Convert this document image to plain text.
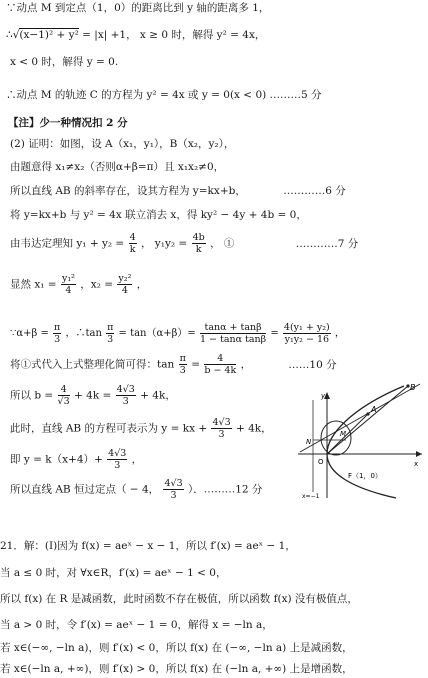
∵动点 M 到定点（1，0）的距离比到 y 轴的距离多 1，
∴√(x−1)² + y² = |x| +1， x ≥ 0 时，解得 y² = 4x，
x < 0 时，解得 y = 0.
∴动点 M 的轨迹 C 的方程为 y² = 4x 或 y = 0(x < 0) ………5 分
【注】少一种情况扣 2 分
(2) 证明：如图，设 A（x₁，y₁），B（x₂，y₂），
由题意得 x₁≠x₂（否则α+β=π）且 x₁x₂≠0，
所以直线 AB 的斜率存在，设其方程为 y=kx+b，	…………6 分
将 y=kx+b 与 y² = 4x 联立消去 x，得 ky² − 4y + 4b = 0，
由韦达定理知 $y_1 + y_2 = \frac{4}{k}$ ， $y_1y_2 = \frac{4b}{k}$ ， ①	…………7 分
显然 $x_1 = \frac{\text{y₁²}}{4}$ ，$x_2 = \frac{\text{y₂²}}{4}$ ，
∵α+β = $\frac{\pi}{3}$ ，∴tan $\frac{\pi}{3} = \tan(\alpha+\beta)= \frac{\tan\alpha + \tan\beta}{\text{1 − tanα tanβ}} = \frac{\text{4(y₁ + y₂)}}{\text{y₁y₂ − 16}}$ ，
将①式代入上式整理化简可得：$\tan \frac{\pi}{3} = \frac{4}{b - 4k}$ ，	……10 分
所以 $b = \frac{4}{√3} + 4k = \frac{4√3}{3} + 4k$，
此时，直线 AB 的方程可表示为 y = kx + $\frac{4√3}{3} + 4k$，
即 $y = k(x+4)+ \frac{4√3}{3}$ ，
所以直线 AB 恒过定点（ − 4， $\frac{4√3}{3}$ ）．………12 分
x
y
O
A
B
N
M
F（1，0）
x=−1
21．解：(Ⅰ)因为 f(x) = aeˣ − x − 1，所以 f′(x) = aeˣ − 1，
当 a ≤ 0 时，对 ∀x∈R，f′(x) = aeˣ − 1 < 0，
所以 f(x) 在 R 是减函数，此时函数不存在极值，所以函数 f(x) 没有极值点，
当 a > 0 时，令 f′(x) = aeˣ − 1 = 0，解得 x = −ln a，
若 x∈(−∞, −ln a)，则 f′(x) < 0，所以 f(x) 在 (−∞, −ln a) 上是减函数，
若 x∈(−ln a, +∞)，则 f′(x) > 0，所以 f(x) 在 (−ln a, +∞) 上是增函数，
